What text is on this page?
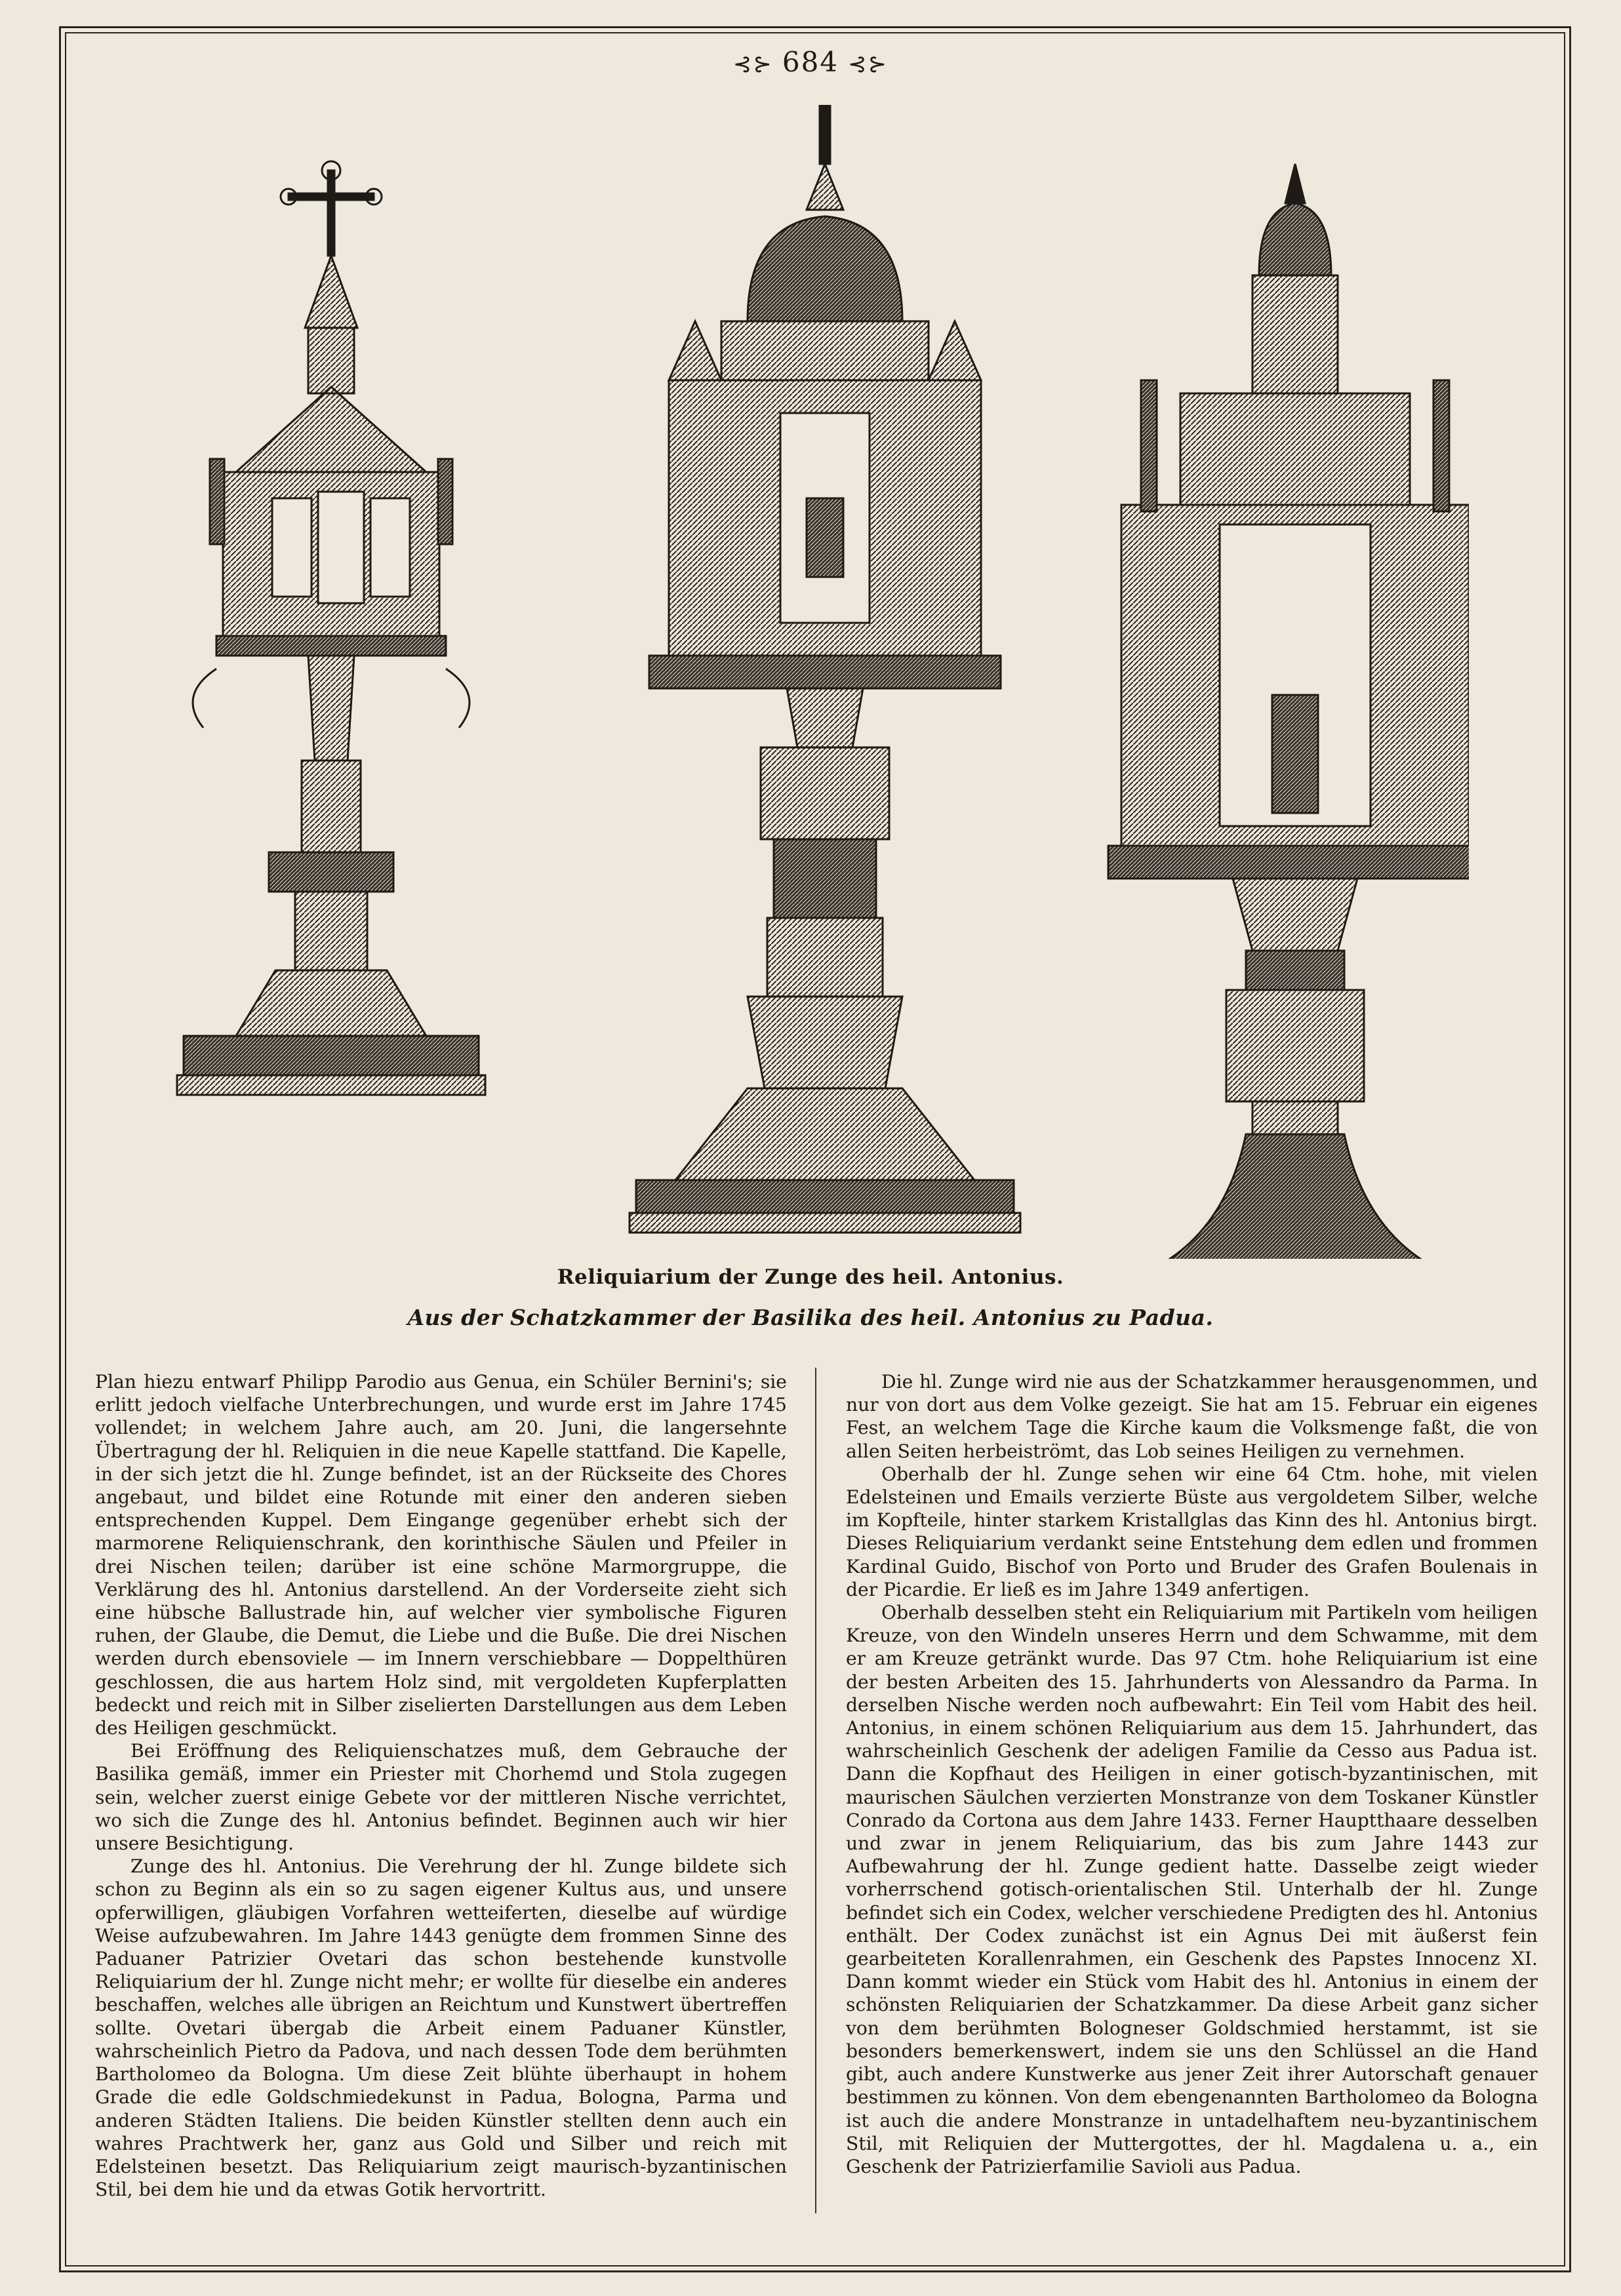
⊰⊱ 684 ⊰⊱
Reliquiarium der Zunge des heil. Antonius.
Aus der Schatzkammer der Basilika des heil. Antonius zu Padua.

Plan hiezu entwarf Philipp Parodio aus Genua, ein Schüler Bernini's; sie erlitt jedoch vielfache Unterbrechungen, und wurde erst im Jahre 1745 vollendet; in welchem Jahre auch, am 20. Juni, die langersehnte Übertragung der hl. Reliquien in die neue Kapelle stattfand. Die Kapelle, in der sich jetzt die hl. Zunge befindet, ist an der Rückseite des Chores angebaut, und bildet eine Rotunde mit einer den anderen sieben entsprechenden Kuppel. Dem Eingange gegenüber erhebt sich der marmorene Reliquienschrank, den korinthische Säulen und Pfeiler in drei Nischen teilen; darüber ist eine schöne Marmorgruppe, die Verklärung des hl. Antonius darstellend. An der Vorderseite zieht sich eine hübsche Ballustrade hin, auf welcher vier symbolische Figuren ruhen, der Glaube, die Demut, die Liebe und die Buße. Die drei Nischen werden durch ebensoviele — im Innern verschiebbare — Doppelthüren geschlossen, die aus hartem Holz sind, mit vergoldeten Kupferplatten bedeckt und reich mit in Silber ziselierten Darstellungen aus dem Leben des Heiligen geschmückt.

Bei Eröffnung des Reliquienschatzes muß, dem Gebrauche der Basilika gemäß, immer ein Priester mit Chorhemd und Stola zugegen sein, welcher zuerst einige Gebete vor der mittleren Nische verrichtet, wo sich die Zunge des hl. Antonius befindet. Beginnen auch wir hier unsere Besichtigung.

Zunge des hl. Antonius. Die Verehrung der hl. Zunge bildete sich schon zu Beginn als ein so zu sagen eigener Kultus aus, und unsere opferwilligen, gläubigen Vorfahren wetteiferten, dieselbe auf würdige Weise aufzubewahren. Im Jahre 1443 genügte dem frommen Sinne des Paduaner Patrizier Ovetari das schon bestehende kunstvolle Reliquiarium der hl. Zunge nicht mehr; er wollte für dieselbe ein anderes beschaffen, welches alle übrigen an Reichtum und Kunstwert übertreffen sollte. Ovetari übergab die Arbeit einem Paduaner Künstler, wahrscheinlich Pietro da Padova, und nach dessen Tode dem berühmten Bartholomeo da Bologna. Um diese Zeit blühte überhaupt in hohem Grade die edle Goldschmiedekunst in Padua, Bologna, Parma und anderen Städten Italiens. Die beiden Künstler stellten denn auch ein wahres Prachtwerk her, ganz aus Gold und Silber und reich mit Edelsteinen besetzt. Das Reliquiarium zeigt maurisch-byzantinischen Stil, bei dem hie und da etwas Gotik hervortritt.

Die hl. Zunge wird nie aus der Schatzkammer herausgenommen, und nur von dort aus dem Volke gezeigt. Sie hat am 15. Februar ein eigenes Fest, an welchem Tage die Kirche kaum die Volksmenge faßt, die von allen Seiten herbeiströmt, das Lob seines Heiligen zu vernehmen.

Oberhalb der hl. Zunge sehen wir eine 64 Ctm. hohe, mit vielen Edelsteinen und Emails verzierte Büste aus vergoldetem Silber, welche im Kopfteile, hinter starkem Kristallglas das Kinn des hl. Antonius birgt. Dieses Reliquiarium verdankt seine Entstehung dem edlen und frommen Kardinal Guido, Bischof von Porto und Bruder des Grafen Boulenais in der Picardie. Er ließ es im Jahre 1349 anfertigen.

Oberhalb desselben steht ein Reliquiarium mit Partikeln vom heiligen Kreuze, von den Windeln unseres Herrn und dem Schwamme, mit dem er am Kreuze getränkt wurde. Das 97 Ctm. hohe Reliquiarium ist eine der besten Arbeiten des 15. Jahrhunderts von Alessandro da Parma. In derselben Nische werden noch aufbewahrt: Ein Teil vom Habit des heil. Antonius, in einem schönen Reliquiarium aus dem 15. Jahrhundert, das wahrscheinlich Geschenk der adeligen Familie da Cesso aus Padua ist. Dann die Kopfhaut des Heiligen in einer gotisch-byzantinischen, mit maurischen Säulchen verzierten Monstranze von dem Toskaner Künstler Conrado da Cortona aus dem Jahre 1433. Ferner Hauptthaare desselben und zwar in jenem Reliquiarium, das bis zum Jahre 1443 zur Aufbewahrung der hl. Zunge gedient hatte. Dasselbe zeigt wieder vorherrschend gotisch-orientalischen Stil. Unterhalb der hl. Zunge befindet sich ein Codex, welcher verschiedene Predigten des hl. Antonius enthält. Der Codex zunächst ist ein Agnus Dei mit äußerst fein gearbeiteten Korallenrahmen, ein Geschenk des Papstes Innocenz XI. Dann kommt wieder ein Stück vom Habit des hl. Antonius in einem der schönsten Reliquiarien der Schatzkammer. Da diese Arbeit ganz sicher von dem berühmten Bologneser Goldschmied herstammt, ist sie besonders bemerkenswert, indem sie uns den Schlüssel an die Hand gibt, auch andere Kunstwerke aus jener Zeit ihrer Autorschaft genauer bestimmen zu können. Von dem ebengenannten Bartholomeo da Bologna ist auch die andere Monstranze in untadelhaftem neu-byzantinischem Stil, mit Reliquien der Muttergottes, der hl. Magdalena u. a., ein Geschenk der Patrizierfamilie Savioli aus Padua.
